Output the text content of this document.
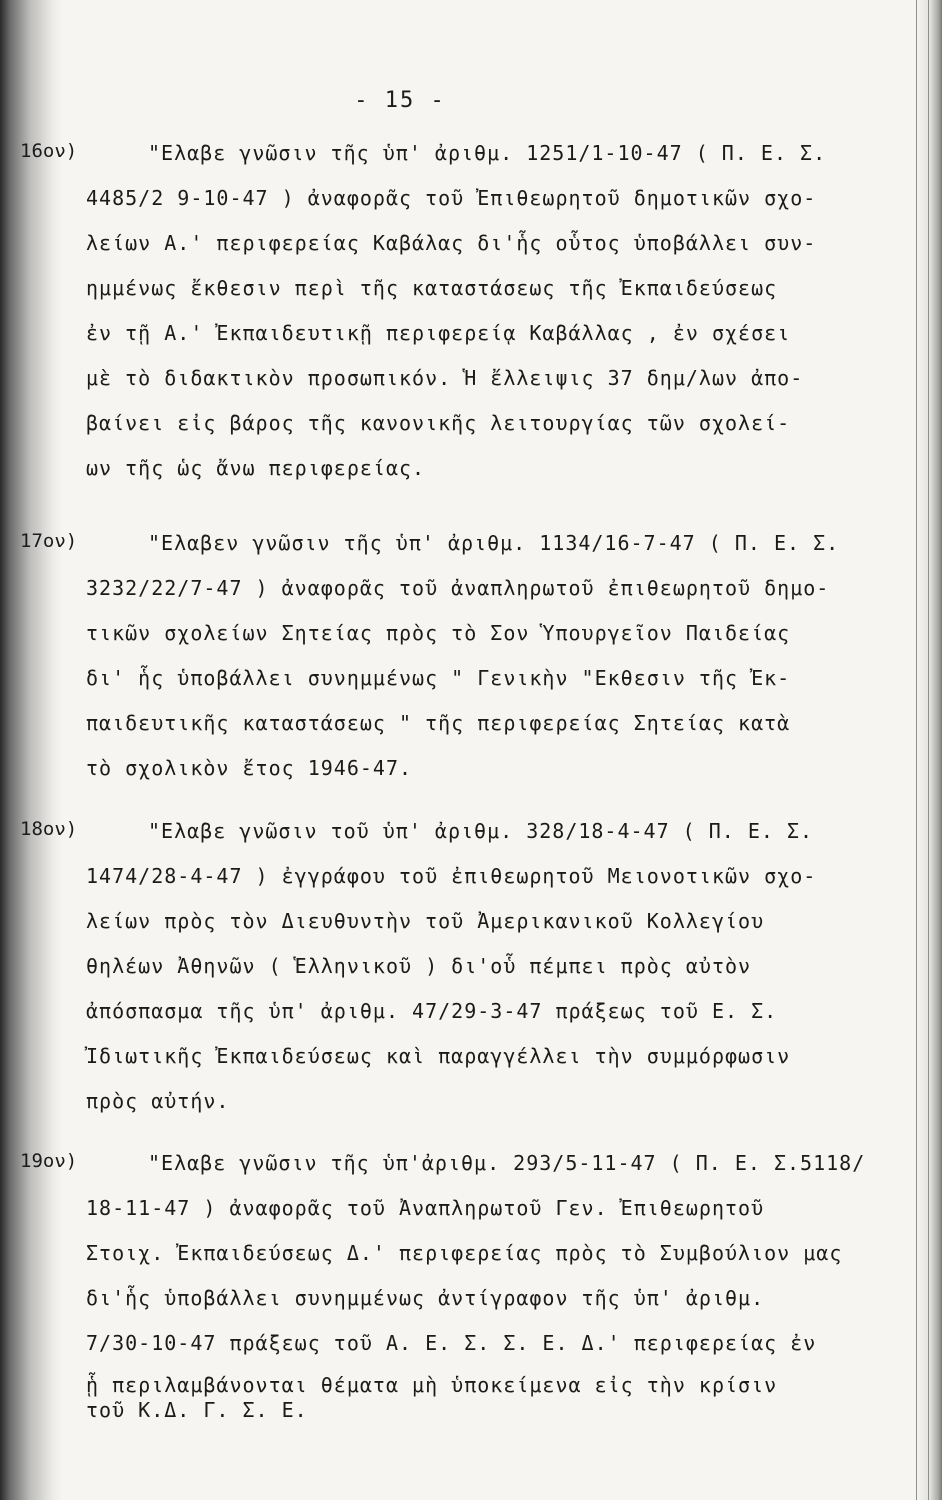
- 15 -
16ον)	"Ελαβε γνῶσιν τῆς ὑπ' ἀριθμ. 1251/1-10-47 ( Π. Ε. Σ.
4485/2 9-10-47 ) ἀναφορᾶς τοῦ Ἐπιθεωρητοῦ δημοτικῶν σχο-
λείων Α.' περιφερείας Καβάλας δι'ἧς οὗτος ὑποβάλλει συν-
ημμένως ἔκθεσιν περὶ τῆς καταστάσεως τῆς Ἐκπαιδεύσεως
ἐν τῇ Α.' Ἐκπαιδευτικῇ περιφερείᾳ Καβάλλας , ἐν σχέσει
μὲ τὸ διδακτικὸν προσωπικόν. Ἡ ἔλλειψις 37 δημ/λων ἀπο-
βαίνει εἰς βάρος τῆς κανονικῆς λειτουργίας τῶν σχολεί-
ων τῆς ὡς ἄνω περιφερείας.
17ον)	"Ελαβεν γνῶσιν τῆς ὑπ' ἀριθμ. 1134/16-7-47 ( Π. Ε. Σ.
3232/22/7-47 ) ἀναφορᾶς τοῦ ἀναπληρωτοῦ ἐπιθεωρητοῦ δημο-
τικῶν σχολείων Σητείας πρὸς τὸ Σον Ὑπουργεῖον Παιδείας
δι' ἧς ὑποβάλλει συνημμένως " Γενικὴν "Εκθεσιν τῆς Ἐκ-
παιδευτικῆς καταστάσεως " τῆς περιφερείας Σητείας κατὰ
τὸ σχολικὸν ἔτος 1946-47.
18ον)	"Ελαβε γνῶσιν τοῦ ὑπ' ἀριθμ. 328/18-4-47 ( Π. Ε. Σ.
1474/28-4-47 ) ἐγγράφου τοῦ ἐπιθεωρητοῦ Μειονοτικῶν σχο-
λείων πρὸς τὸν Διευθυντὴν τοῦ Ἀμερικανικοῦ Κολλεγίου
θηλέων Ἀθηνῶν ( Ἑλληνικοῦ ) δι'οὗ πέμπει πρὸς αὐτὸν
ἀπόσπασμα τῆς ὑπ' ἀριθμ. 47/29-3-47 πράξεως τοῦ Ε. Σ.
Ἰδιωτικῆς Ἐκπαιδεύσεως καὶ παραγγέλλει τὴν συμμόρφωσιν
πρὸς αὐτήν.
19ον)	"Ελαβε γνῶσιν τῆς ὑπ'ἀριθμ. 293/5-11-47 ( Π. Ε. Σ.5118/
18-11-47 ) ἀναφορᾶς τοῦ Ἀναπληρωτοῦ Γεν. Ἐπιθεωρητοῦ
Στοιχ. Ἐκπαιδεύσεως Δ.' περιφερείας πρὸς τὸ Συμβούλιον μας
δι'ἧς ὑποβάλλει συνημμένως ἀντίγραφον τῆς ὑπ' ἀριθμ.
7/30-10-47 πράξεως τοῦ Α. Ε. Σ. Σ. Ε. Δ.' περιφερείας ἐν
ᾗ περιλαμβάνονται θέματα μὴ ὑποκείμενα εἰς τὴν κρίσιν
τοῦ Κ.Δ. Γ. Σ. Ε.
